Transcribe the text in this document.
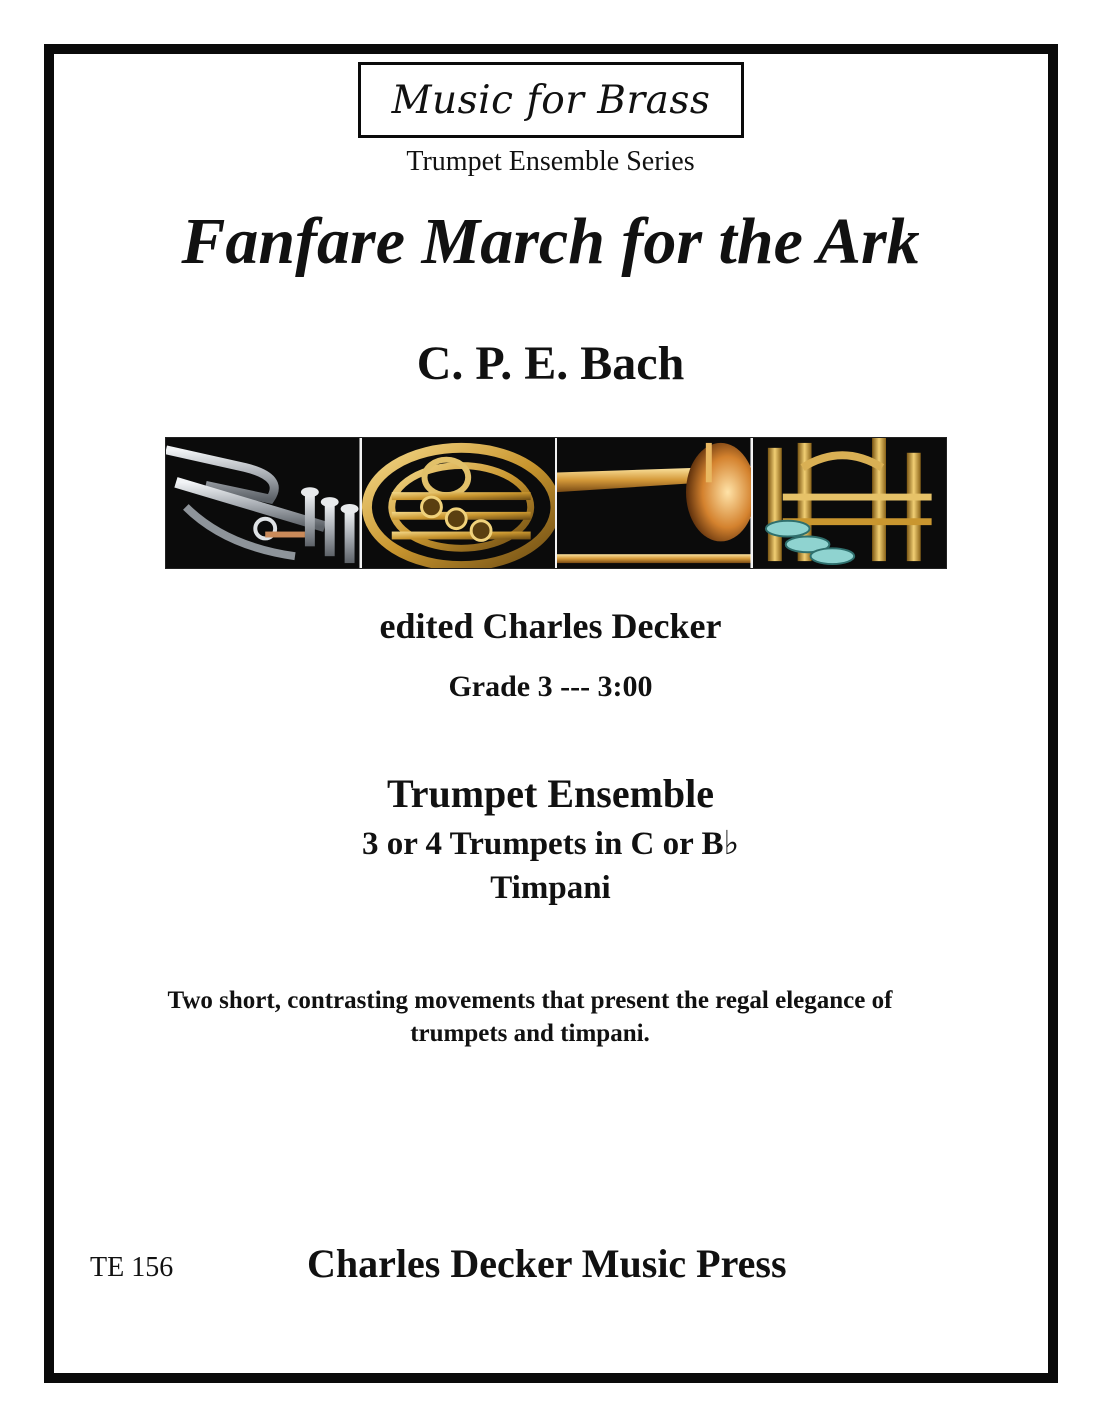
Music for Brass
Trumpet Ensemble Series
Fanfare March for the Ark
C. P. E. Bach
edited Charles Decker
Grade 3 --- 3:00
Trumpet Ensemble
3 or 4 Trumpets in C or B♭
Timpani
Two short, contrasting movements that present the regal elegance of trumpets and timpani.
TE 156	Charles Decker Music Press
